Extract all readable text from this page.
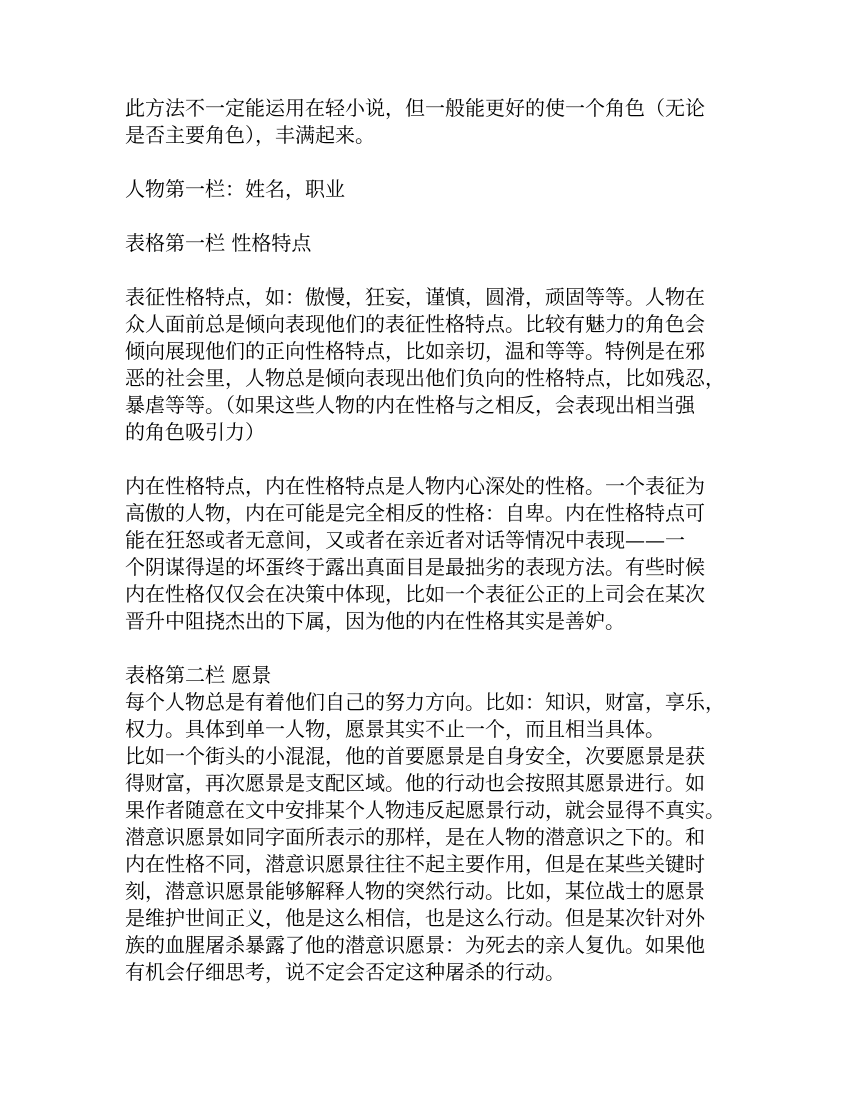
此方法不一定能运用在轻小说，但一般能更好的使一个角色（无论
是否主要角色），丰满起来。
人物第一栏：姓名，职业
表格第一栏 性格特点
表征性格特点，如：傲慢，狂妄，谨慎，圆滑，顽固等等。人物在
众人面前总是倾向表现他们的表征性格特点。比较有魅力的角色会
倾向展现他们的正向性格特点，比如亲切，温和等等。特例是在邪
恶的社会里，人物总是倾向表现出他们负向的性格特点，比如残忍，
暴虐等等。（如果这些人物的内在性格与之相反，会表现出相当强
的角色吸引力）
内在性格特点，内在性格特点是人物内心深处的性格。一个表征为
高傲的人物，内在可能是完全相反的性格：自卑。内在性格特点可
能在狂怒或者无意间，又或者在亲近者对话等情况中表现——一
个阴谋得逞的坏蛋终于露出真面目是最拙劣的表现方法。有些时候
内在性格仅仅会在决策中体现，比如一个表征公正的上司会在某次
晋升中阻挠杰出的下属，因为他的内在性格其实是善妒。
表格第二栏 愿景
每个人物总是有着他们自己的努力方向。比如：知识，财富，享乐，
权力。具体到单一人物，愿景其实不止一个，而且相当具体。
比如一个街头的小混混，他的首要愿景是自身安全，次要愿景是获
得财富，再次愿景是支配区域。他的行动也会按照其愿景进行。如
果作者随意在文中安排某个人物违反起愿景行动，就会显得不真实。
潜意识愿景如同字面所表示的那样，是在人物的潜意识之下的。和
内在性格不同，潜意识愿景往往不起主要作用，但是在某些关键时
刻，潜意识愿景能够解释人物的突然行动。比如，某位战士的愿景
是维护世间正义，他是这么相信，也是这么行动。但是某次针对外
族的血腥屠杀暴露了他的潜意识愿景：为死去的亲人复仇。如果他
有机会仔细思考，说不定会否定这种屠杀的行动。
